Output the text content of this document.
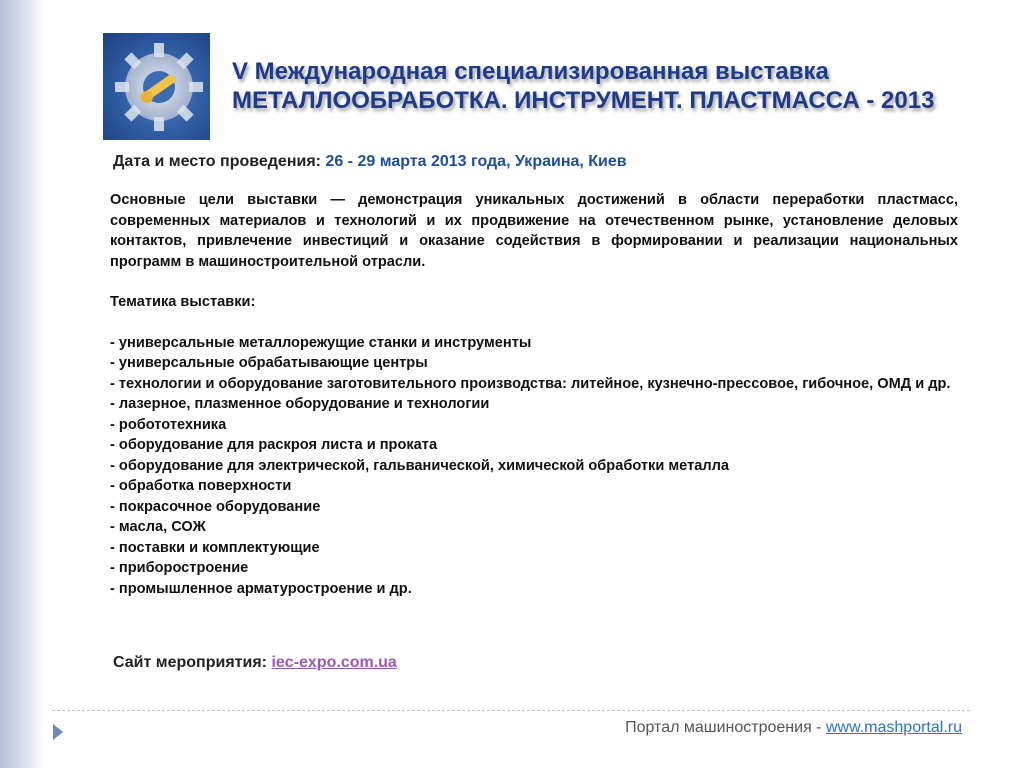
V Международная специализированная выставка
МЕТАЛЛООБРАБОТКА. ИНСТРУМЕНТ. ПЛАСТМАССА - 2013
Дата и место проведения: 26 - 29 марта 2013 года, Украина, Киев

Основные цели выставки — демонстрация уникальных достижений в области переработки пластмасс, современных материалов и технологий и их продвижение на отечественном рынке, установление деловых контактов, привлечение инвестиций и оказание содействия в формировании и реализации национальных программ в машиностроительной отрасли.

Тематика выставки:
- универсальные металлорежущие станки и инструменты
- универсальные обрабатывающие центры
- технологии и оборудование заготовительного производства: литейное, кузнечно-прессовое, гибочное, ОМД и др.
- лазерное, плазменное оборудование и технологии
- робототехника
- оборудование для раскроя листа и проката
- оборудование для электрической, гальванической, химической обработки металла
- обработка поверхности
- покрасочное оборудование
- масла, СОЖ
- поставки и комплектующие
- приборостроение
- промышленное арматуростроение и др.
Сайт мероприятия: iec-expo.com.ua
Портал машиностроения - www.mashportal.ru
